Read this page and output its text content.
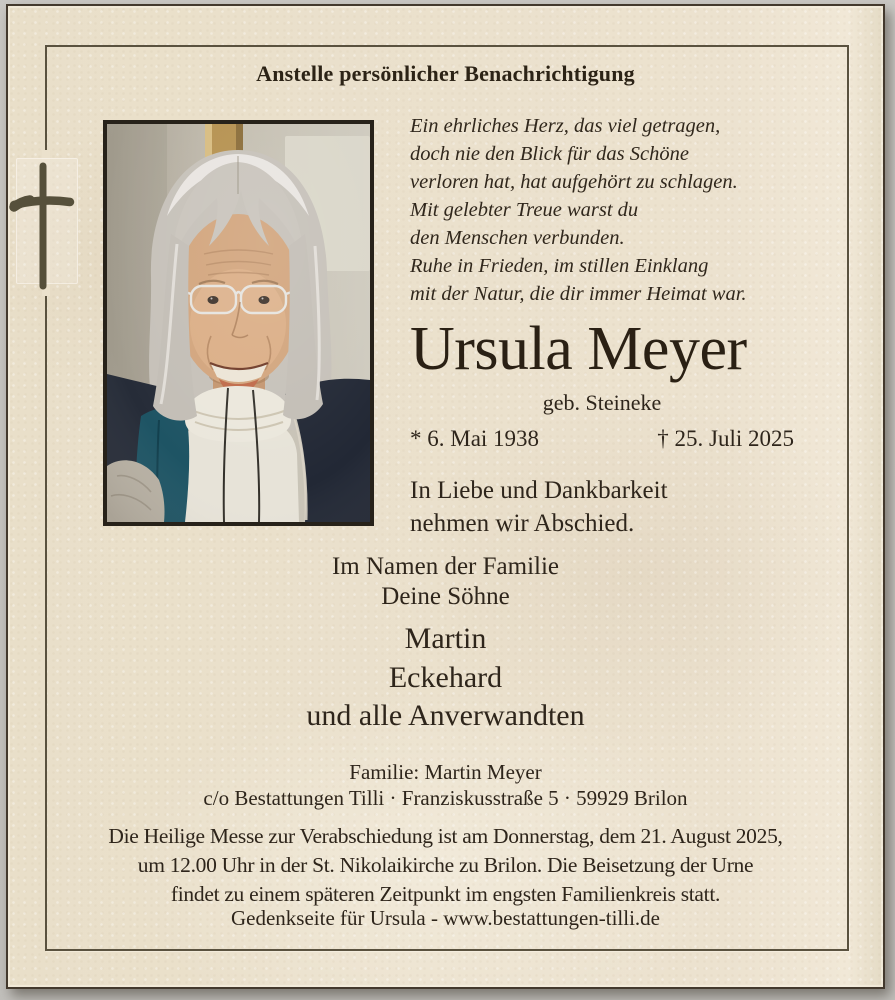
Anstelle persönlicher Benachrichtigung
Ein ehrliches Herz, das viel getragen,
doch nie den Blick für das Schöne
verloren hat, hat aufgehört zu schlagen.
Mit gelebter Treue warst du
den Menschen verbunden.
Ruhe in Frieden, im stillen Einklang
mit der Natur, die dir immer Heimat war.
Ursula Meyer
geb. Steineke
* 6. Mai 1938	† 25. Juli 2025
In Liebe und Dankbarkeit
nehmen wir Abschied.
Im Namen der Familie
Deine Söhne
Martin
Eckehard
und alle Anverwandten
Familie: Martin Meyer
c/o Bestattungen Tilli · Franziskusstraße 5 · 59929 Brilon
Die Heilige Messe zur Verabschiedung ist am Donnerstag, dem 21. August 2025,
um 12.00 Uhr in der St. Nikolaikirche zu Brilon. Die Beisetzung der Urne
findet zu einem späteren Zeitpunkt im engsten Familienkreis statt.
Gedenkseite für Ursula - www.bestattungen-tilli.de
